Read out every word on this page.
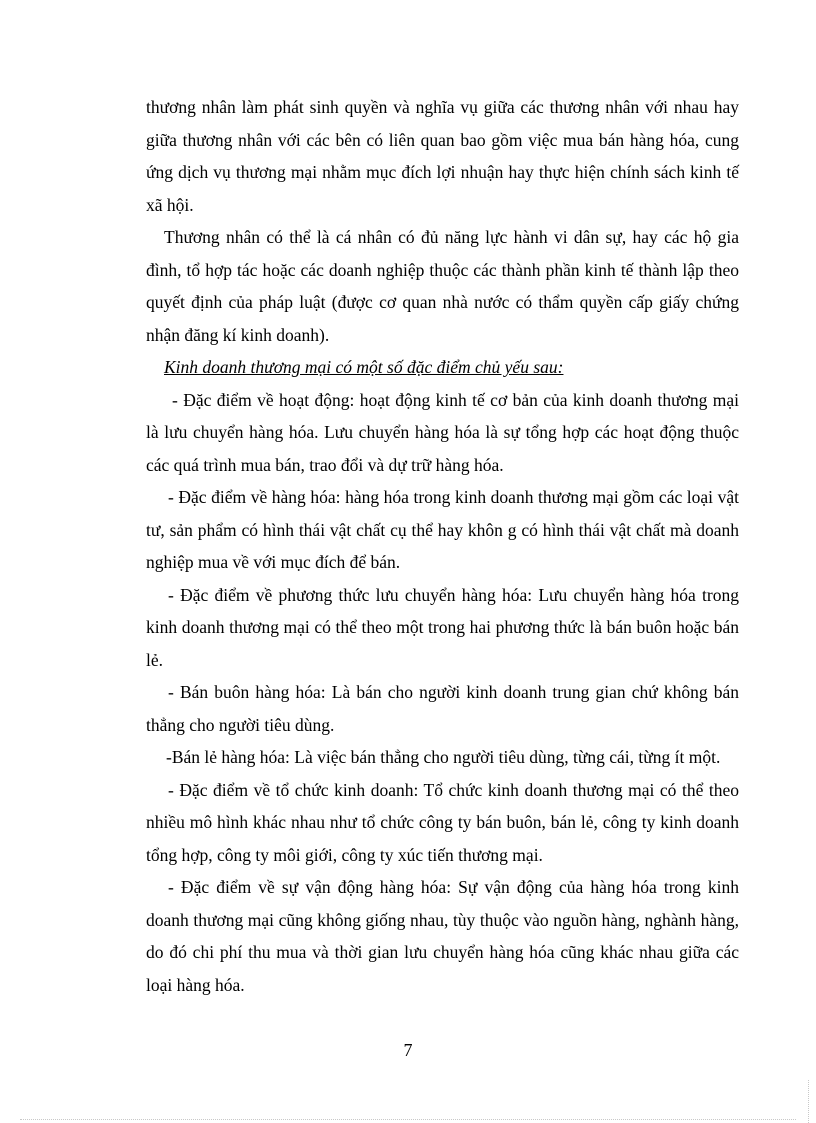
thương nhân làm phát sinh quyền và nghĩa vụ giữa các thương nhân với nhau hay giữa thương nhân với các bên có liên quan bao gồm việc mua bán hàng hóa, cung ứng dịch vụ thương mại nhằm mục đích lợi nhuận hay thực hiện chính sách kinh tế xã hội.

Thương nhân có thể là cá nhân có đủ năng lực hành vi dân sự, hay các hộ gia đình, tổ hợp tác hoặc các doanh nghiệp thuộc các thành phần kinh tế thành lập theo quyết định của pháp luật (được cơ quan nhà nước có thẩm quyền cấp giấy chứng nhận đăng kí kinh doanh).

Kinh doanh thương mại có một số đặc điểm chủ yếu sau:

- Đặc điểm về hoạt động: hoạt động kinh tế cơ bản của kinh doanh thương mại là lưu chuyển hàng hóa. Lưu chuyển hàng hóa là sự tổng hợp các hoạt động thuộc các quá trình mua bán, trao đổi và dự trữ hàng hóa.

- Đặc điểm về hàng hóa: hàng hóa trong kinh doanh thương mại gồm các loại vật tư, sản phẩm có hình thái vật chất cụ thể hay khôn g có hình thái vật chất mà doanh nghiệp mua về với mục đích để bán.

- Đặc điểm về phương thức lưu chuyển hàng hóa: Lưu chuyển hàng hóa trong kinh doanh thương mại có thể theo một trong hai phương thức là bán buôn hoặc bán lẻ.

- Bán buôn hàng hóa: Là bán cho người kinh doanh trung gian chứ không bán thẳng cho người tiêu dùng.

-Bán lẻ hàng hóa: Là việc bán thẳng cho người tiêu dùng, từng cái, từng ít một.

- Đặc điểm về tổ chức kinh doanh: Tổ chức kinh doanh thương mại có thể theo nhiều mô hình khác nhau như tổ chức công ty bán buôn, bán lẻ, công ty kinh doanh tổng hợp, công ty môi giới, công ty xúc tiến thương mại.

- Đặc điểm về sự vận động hàng hóa: Sự vận động của hàng hóa trong kinh doanh thương mại cũng không giống nhau, tùy thuộc vào nguồn hàng, nghành hàng, do đó chi phí thu mua và thời gian lưu chuyển hàng hóa cũng khác nhau giữa các loại hàng hóa.

7
